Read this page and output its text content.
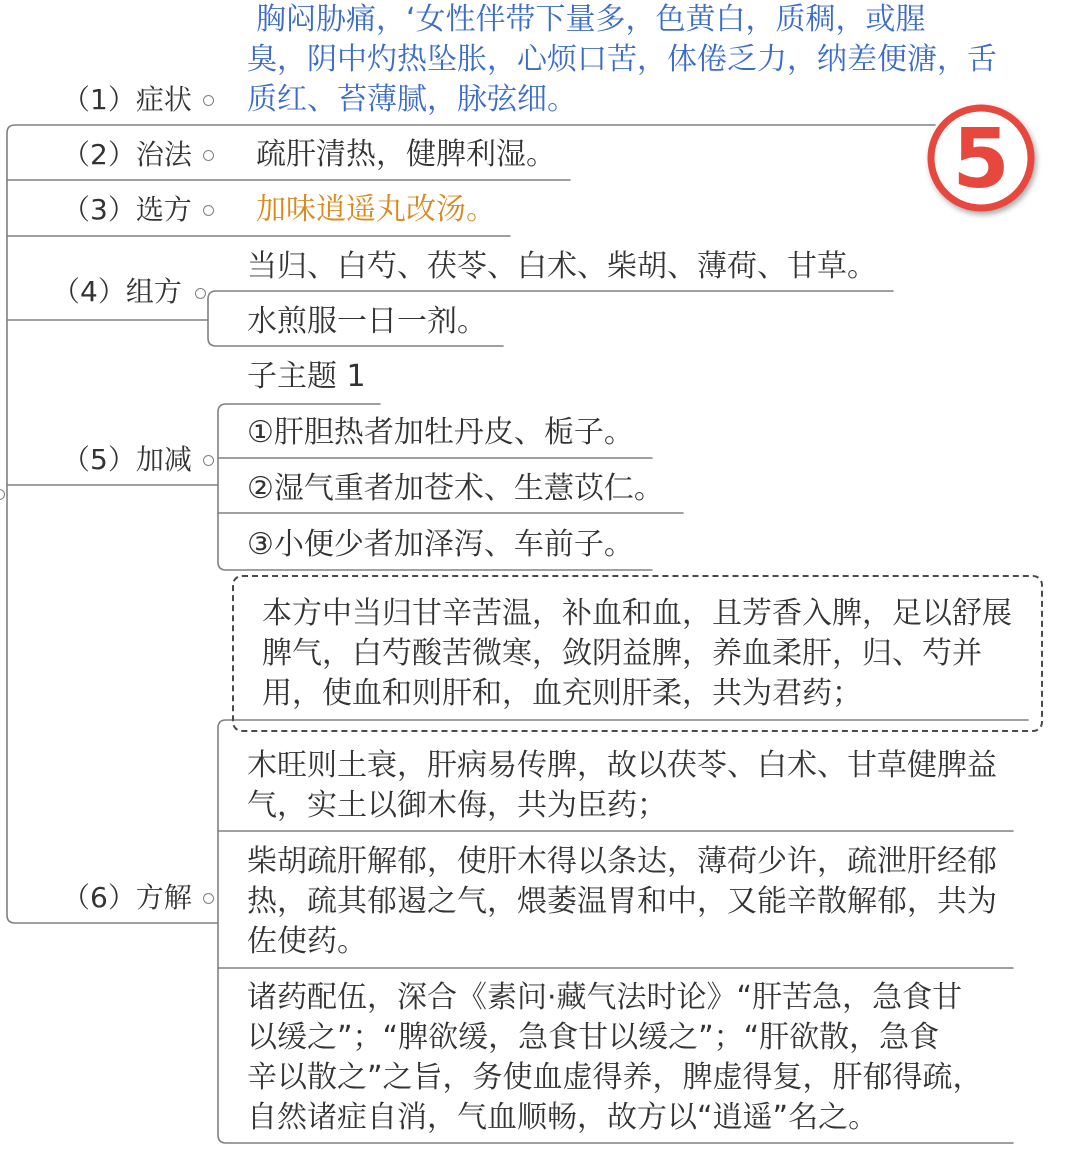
（1）症状
胸闷胁痛，‘女性伴带下量多，色黄白，质稠，或腥
臭，阴中灼热坠胀，心烦口苦，体倦乏力，纳差便溏，舌
质红、苔薄腻，脉弦细。
（2）治法 疏肝清热，健脾利湿。
（3）选方 加味逍遥丸改汤。
（4）组方
当归、白芍、茯苓、白术、柴胡、薄荷、甘草。
水煎服一日一剂。
（5）加减
子主题 1
①肝胆热者加牡丹皮、栀子。
②湿气重者加苍术、生薏苡仁。
③小便少者加泽泻、车前子。
（6）方解
本方中当归甘辛苦温，补血和血，且芳香入脾，足以舒展
脾气，白芍酸苦微寒，敛阴益脾，养血柔肝，归、芍并
用，使血和则肝和，血充则肝柔，共为君药；
木旺则土衰，肝病易传脾，故以茯苓、白术、甘草健脾益
气，实土以御木侮，共为臣药；
柴胡疏肝解郁，使肝木得以条达，薄荷少许，疏泄肝经郁
热，疏其郁遏之气，煨萎温胃和中，又能辛散解郁，共为
佐使药。
诸药配伍，深合《素问·藏气法时论》“肝苦急，急食甘
以缓之”；“脾欲缓，急食甘以缓之”；“肝欲散，急食
辛以散之”之旨，务使血虚得养，脾虚得复，肝郁得疏，
自然诸症自消，气血顺畅，故方以“逍遥”名之。
5
